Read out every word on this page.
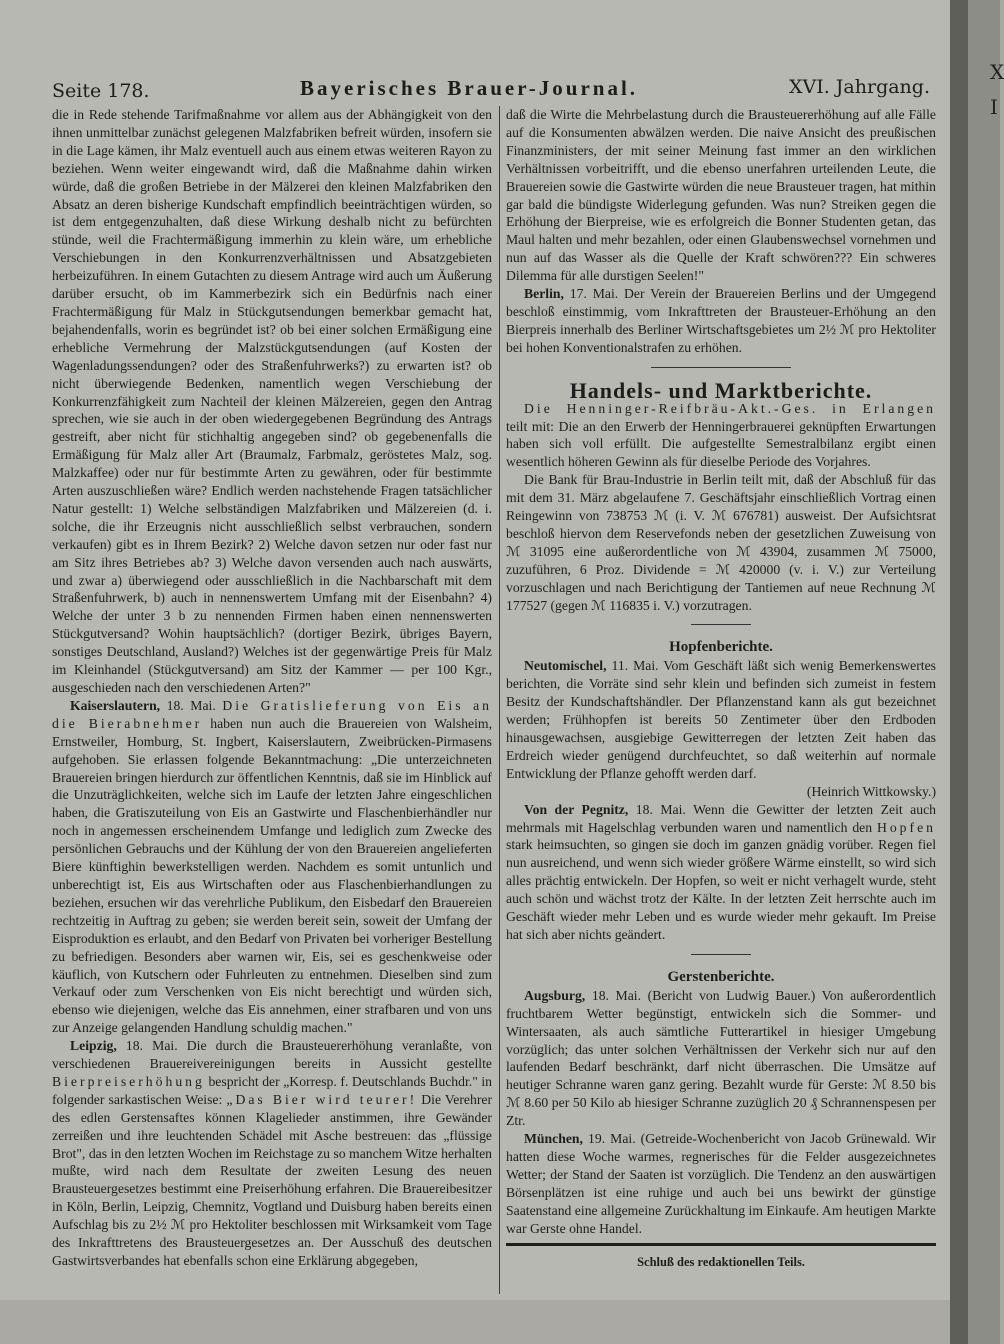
Seite 178.	Bayerisches Brauer-Journal.	XVI. Jahrgang.

die in Rede stehende Tarifmaßnahme vor allem aus der Abhängigkeit von den ihnen unmittelbar zunächst gelegenen Malzfabriken befreit würden, insofern sie in die Lage kämen, ihr Malz eventuell auch aus einem etwas weiteren Rayon zu beziehen. Wenn weiter eingewandt wird, daß die Maßnahme dahin wirken würde, daß die großen Betriebe in der Mälzerei den kleinen Malzfabriken den Absatz an deren bisherige Kundschaft empfindlich beeinträchtigen würden, so ist dem entgegenzuhalten, daß diese Wirkung deshalb nicht zu befürchten stünde, weil die Frachtermäßigung immerhin zu klein wäre, um erhebliche Verschiebungen in den Konkurrenzverhältnissen und Absatzgebieten herbeizuführen. In einem Gutachten zu diesem Antrage wird auch um Äußerung darüber ersucht, ob im Kammerbezirk sich ein Bedürfnis nach einer Frachtermäßigung für Malz in Stückgutsendungen bemerkbar gemacht hat, bejahendenfalls, worin es begründet ist? ob bei einer solchen Ermäßigung eine erhebliche Vermehrung der Malzstückgutsendungen (auf Kosten der Wagenladungssendungen? oder des Straßenfuhrwerks?) zu erwarten ist? ob nicht überwiegende Bedenken, namentlich wegen Verschiebung der Konkurrenzfähigkeit zum Nachteil der kleinen Mälzereien, gegen den Antrag sprechen, wie sie auch in der oben wiedergegebenen Begründung des Antrags gestreift, aber nicht für stichhaltig angegeben sind? ob gegebenenfalls die Ermäßigung für Malz aller Art (Braumalz, Farbmalz, geröstetes Malz, sog. Malzkaffee) oder nur für bestimmte Arten zu gewähren, oder für bestimmte Arten auszuschließen wäre? Endlich werden nachstehende Fragen tatsächlicher Natur gestellt: 1) Welche selbständigen Malzfabriken und Mälzereien (d. i. solche, die ihr Erzeugnis nicht ausschließlich selbst verbrauchen, sondern verkaufen) gibt es in Ihrem Bezirk? 2) Welche davon setzen nur oder fast nur am Sitz ihres Betriebes ab? 3) Welche davon versenden auch nach auswärts, und zwar a) überwiegend oder ausschließlich in die Nachbarschaft mit dem Straßenfuhrwerk, b) auch in nennenswertem Umfang mit der Eisenbahn? 4) Welche der unter 3 b zu nennenden Firmen haben einen nennenswerten Stückgutversand? Wohin hauptsächlich? (dortiger Bezirk, übriges Bayern, sonstiges Deutschland, Ausland?) Welches ist der gegenwärtige Preis für Malz im Kleinhandel (Stückgutversand) am Sitz der Kammer — per 100 Kgr., ausgeschieden nach den verschiedenen Arten?"

Kaiserslautern, 18. Mai. Die Gratislieferung von Eis an die Bierabnehmer haben nun auch die Brauereien von Walsheim, Ernstweiler, Homburg, St. Ingbert, Kaiserslautern, Zweibrücken-Pirmasens aufgehoben. Sie erlassen folgende Bekanntmachung: „Die unterzeichneten Brauereien bringen hierdurch zur öffentlichen Kenntnis, daß sie im Hinblick auf die Unzuträglichkeiten, welche sich im Laufe der letzten Jahre eingeschlichen haben, die Gratiszuteilung von Eis an Gastwirte und Flaschenbierhändler nur noch in angemessen erscheinendem Umfange und lediglich zum Zwecke des persönlichen Gebrauchs und der Kühlung der von den Brauereien angelieferten Biere künftighin bewerkstelligen werden. Nachdem es somit untunlich und unberechtigt ist, Eis aus Wirtschaften oder aus Flaschenbierhandlungen zu beziehen, ersuchen wir das verehrliche Publikum, den Eisbedarf den Brauereien rechtzeitig in Auftrag zu geben; sie werden bereit sein, soweit der Umfang der Eisproduktion es erlaubt, and den Bedarf von Privaten bei vorheriger Bestellung zu befriedigen. Besonders aber warnen wir, Eis, sei es geschenkweise oder käuflich, von Kutschern oder Fuhrleuten zu entnehmen. Dieselben sind zum Verkauf oder zum Verschenken von Eis nicht berechtigt und würden sich, ebenso wie diejenigen, welche das Eis annehmen, einer strafbaren und von uns zur Anzeige gelangenden Handlung schuldig machen."

Leipzig, 18. Mai. Die durch die Brausteuererhöhung veranlaßte, von verschiedenen Brauereivereinigungen bereits in Aussicht gestellte Bierpreiserhöhung bespricht der „Korresp. f. Deutschlands Buchdr." in folgender sarkastischen Weise: „Das Bier wird teurer! Die Verehrer des edlen Gerstensaftes können Klagelieder anstimmen, ihre Gewänder zerreißen und ihre leuchtenden Schädel mit Asche bestreuen: das „flüssige Brot", das in den letzten Wochen im Reichstage zu so manchem Witze herhalten mußte, wird nach dem Resultate der zweiten Lesung des neuen Brausteuergesetzes bestimmt eine Preiserhöhung erfahren. Die Brauereibesitzer in Köln, Berlin, Leipzig, Chemnitz, Vogtland und Duisburg haben bereits einen Aufschlag bis zu 2½ ℳ pro Hektoliter beschlossen mit Wirksamkeit vom Tage des Inkrafttretens des Brausteuergesetzes an. Der Ausschuß des deutschen Gastwirtsverbandes hat ebenfalls schon eine Erklärung abgegeben,

daß die Wirte die Mehrbelastung durch die Brausteuererhöhung auf alle Fälle auf die Konsumenten abwälzen werden. Die naive Ansicht des preußischen Finanzministers, der mit seiner Meinung fast immer an den wirklichen Verhältnissen vorbeitrifft, und die ebenso unerfahren urteilenden Leute, die Brauereien sowie die Gastwirte würden die neue Brausteuer tragen, hat mithin gar bald die bündigste Widerlegung gefunden. Was nun? Streiken gegen die Erhöhung der Bierpreise, wie es erfolgreich die Bonner Studenten getan, das Maul halten und mehr bezahlen, oder einen Glaubenswechsel vornehmen und nun auf das Wasser als die Quelle der Kraft schwören??? Ein schweres Dilemma für alle durstigen Seelen!"

Berlin, 17. Mai. Der Verein der Brauereien Berlins und der Umgegend beschloß einstimmig, vom Inkrafttreten der Brausteuer-Erhöhung an den Bierpreis innerhalb des Berliner Wirtschaftsgebietes um 2½ ℳ pro Hektoliter bei hohen Konventionalstrafen zu erhöhen.

Handels- und Marktberichte.

Die Henninger-Reifbräu-Akt.-Ges. in Erlangen teilt mit: Die an den Erwerb der Henningerbrauerei geknüpften Erwartungen haben sich voll erfüllt. Die aufgestellte Semestralbilanz ergibt einen wesentlich höheren Gewinn als für dieselbe Periode des Vorjahres.

Die Bank für Brau-Industrie in Berlin teilt mit, daß der Abschluß für das mit dem 31. März abgelaufene 7. Geschäftsjahr einschließlich Vortrag einen Reingewinn von 738753 ℳ (i. V. ℳ 676781) ausweist. Der Aufsichtsrat beschloß hiervon dem Reservefonds neben der gesetzlichen Zuweisung von ℳ 31095 eine außerordentliche von ℳ 43904, zusammen ℳ 75000, zuzuführen, 6 Proz. Dividende = ℳ 420000 (v. i. V.) zur Verteilung vorzuschlagen und nach Berichtigung der Tantiemen auf neue Rechnung ℳ 177527 (gegen ℳ 116835 i. V.) vorzutragen.

Hopfenberichte.

Neutomischel, 11. Mai. Vom Geschäft läßt sich wenig Bemerkenswertes berichten, die Vorräte sind sehr klein und befinden sich zumeist in festem Besitz der Kundschaftshändler. Der Pflanzenstand kann als gut bezeichnet werden; Frühhopfen ist bereits 50 Zentimeter über den Erdboden hinausgewachsen, ausgiebige Gewitterregen der letzten Zeit haben das Erdreich wieder genügend durchfeuchtet, so daß weiterhin auf normale Entwicklung der Pflanze gehofft werden darf.

(Heinrich Wittkowsky.)

Von der Pegnitz, 18. Mai. Wenn die Gewitter der letzten Zeit auch mehrmals mit Hagelschlag verbunden waren und namentlich den Hopfen stark heimsuchten, so gingen sie doch im ganzen gnädig vorüber. Regen fiel nun ausreichend, und wenn sich wieder größere Wärme einstellt, so wird sich alles prächtig entwickeln. Der Hopfen, so weit er nicht verhagelt wurde, steht auch schön und wächst trotz der Kälte. In der letzten Zeit herrschte auch im Geschäft wieder mehr Leben und es wurde wieder mehr gekauft. Im Preise hat sich aber nichts geändert.

Gerstenberichte.

Augsburg, 18. Mai. (Bericht von Ludwig Bauer.) Von außerordentlich fruchtbarem Wetter begünstigt, entwickeln sich die Sommer- und Wintersaaten, als auch sämtliche Futterartikel in hiesiger Umgebung vorzüglich; das unter solchen Verhältnissen der Verkehr sich nur auf den laufenden Bedarf beschränkt, darf nicht überraschen. Die Umsätze auf heutiger Schranne waren ganz gering. Bezahlt wurde für Gerste: ℳ 8.50 bis ℳ 8.60 per 50 Kilo ab hiesiger Schranne zuzüglich 20 ₰ Schrannenspesen per Ztr.

München, 19. Mai. (Getreide-Wochenbericht von Jacob Grünewald. Wir hatten diese Woche warmes, regnerisches für die Felder ausgezeichnetes Wetter; der Stand der Saaten ist vorzüglich. Die Tendenz an den auswärtigen Börsenplätzen ist eine ruhige und auch bei uns bewirkt der günstige Saatenstand eine allgemeine Zurückhaltung im Einkaufe. Am heutigen Markte war Gerste ohne Handel.

Schluß des redaktionellen Teils.

X
I
